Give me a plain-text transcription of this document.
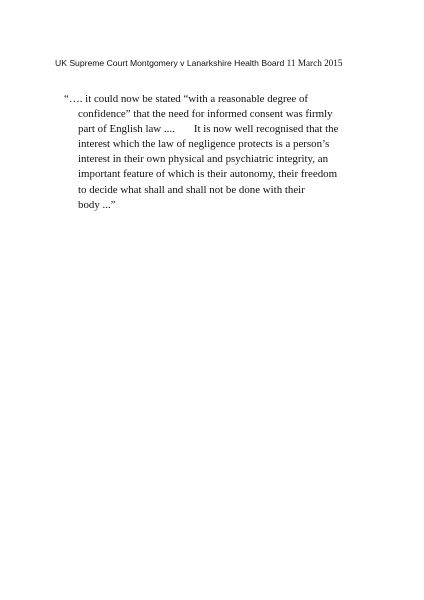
UK Supreme Court Montgomery v Lanarkshire Health Board 11 March 2015
“…. it could now be stated “with a reasonable degree of
confidence” that the need for informed consent was firmly
part of English law ....       It is now well recognised that the
interest which the law of negligence protects is a person’s
interest in their own physical and psychiatric integrity, an
important feature of which is their autonomy, their freedom
to decide what shall and shall not be done with their
body ...”
